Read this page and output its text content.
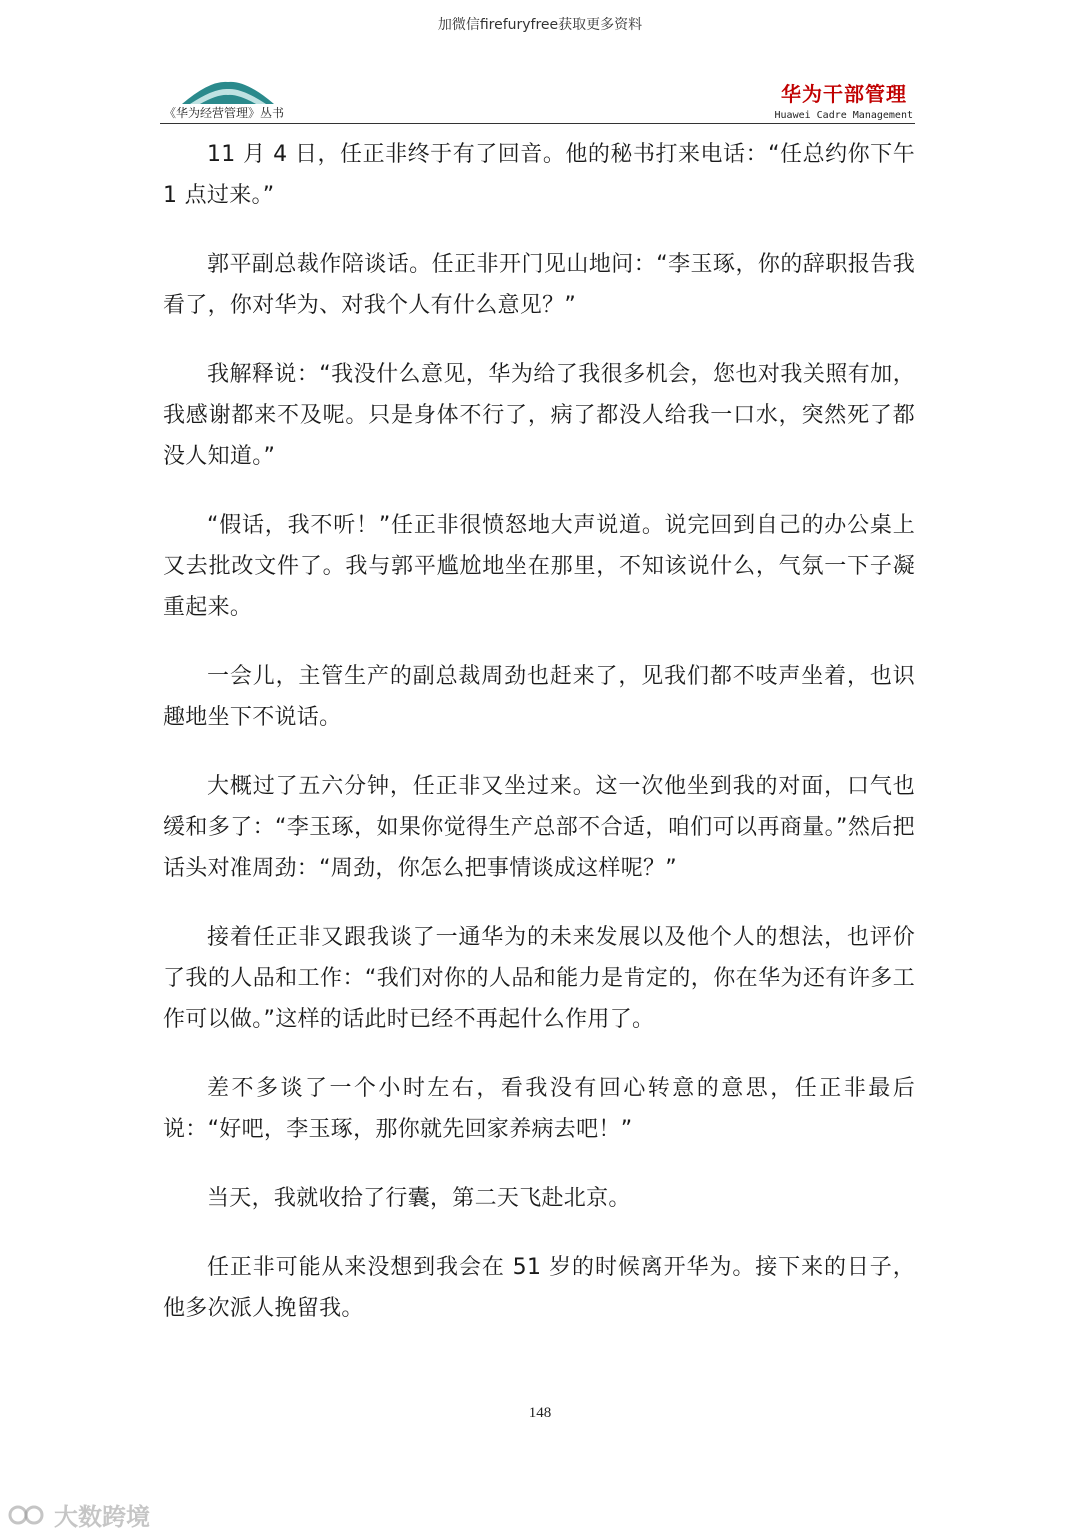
加微信firefuryfree获取更多资料
《华为经营管理》丛书
华为干部管理
Huawei Cadre Management

11 月 4 日，任正非终于有了回音。他的秘书打来电话：“任总约你下午 1 点过来。”

郭平副总裁作陪谈话。任正非开门见山地问：“李玉琢，你的辞职报告我看了，你对华为、对我个人有什么意见？”

我解释说：“我没什么意见，华为给了我很多机会，您也对我关照有加，我感谢都来不及呢。只是身体不行了，病了都没人给我一口水，突然死了都没人知道。”

“假话，我不听！”任正非很愤怒地大声说道。说完回到自己的办公桌上又去批改文件了。我与郭平尴尬地坐在那里，不知该说什么，气氛一下子凝重起来。

一会儿，主管生产的副总裁周劲也赶来了，见我们都不吱声坐着，也识趣地坐下不说话。

大概过了五六分钟，任正非又坐过来。这一次他坐到我的对面，口气也缓和多了：“李玉琢，如果你觉得生产总部不合适，咱们可以再商量。”然后把话头对准周劲：“周劲，你怎么把事情谈成这样呢？”

接着任正非又跟我谈了一通华为的未来发展以及他个人的想法，也评价了我的人品和工作：“我们对你的人品和能力是肯定的，你在华为还有许多工作可以做。”这样的话此时已经不再起什么作用了。

差不多谈了一个小时左右，看我没有回心转意的意思，任正非最后说：“好吧，李玉琢，那你就先回家养病去吧！”

当天，我就收拾了行囊，第二天飞赴北京。

任正非可能从来没想到我会在 51 岁的时候离开华为。接下来的日子，他多次派人挽留我。

148
大数跨境
